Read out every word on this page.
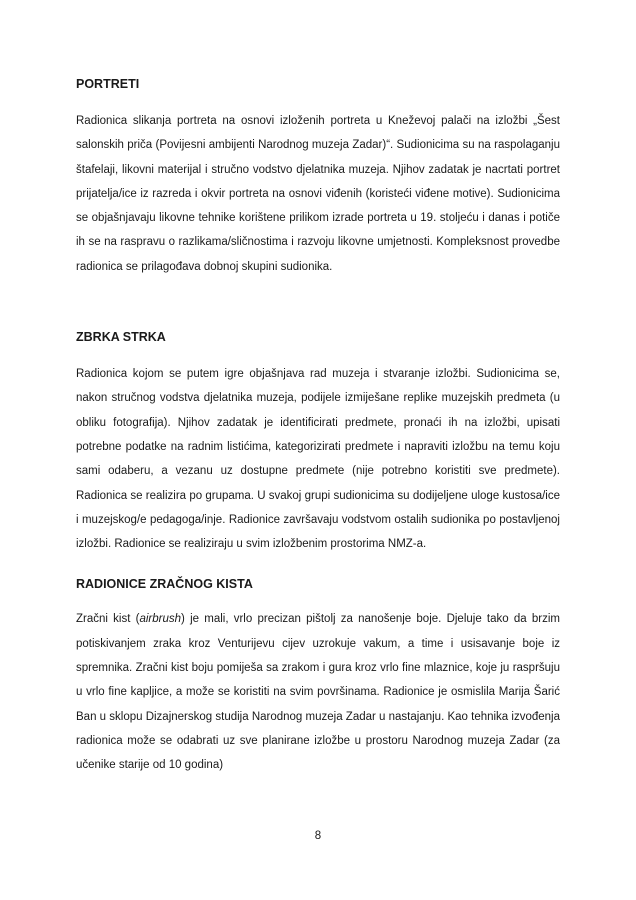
PORTRETI

Radionica slikanja portreta na osnovi izloženih portreta u Kneževoj palači na izložbi „Šest salonskih priča (Povijesni ambijenti Narodnog muzeja Zadar)“. Sudionicima su na raspolaganju štafelaji, likovni materijal i stručno vodstvo djelatnika muzeja. Njihov zadatak je nacrtati portret prijatelja/ice iz razreda i okvir portreta na osnovi viđenih (koristeći viđene motive). Sudionicima se objašnjavaju likovne tehnike korištene prilikom izrade portreta u 19. stoljeću i danas i potiče ih se na raspravu o razlikama/sličnostima i razvoju likovne umjetnosti. Kompleksnost provedbe radionica se prilagođava dobnoj skupini sudionika.

ZBRKA STRKA

Radionica kojom se putem igre objašnjava rad muzeja i stvaranje izložbi. Sudionicima se, nakon stručnog vodstva djelatnika muzeja, podijele izmiješane replike muzejskih predmeta (u obliku fotografija). Njihov zadatak je identificirati predmete, pronaći ih na izložbi, upisati potrebne podatke na radnim listićima, kategorizirati predmete i napraviti izložbu na temu koju sami odaberu, a vezanu uz dostupne predmete (nije potrebno koristiti sve predmete). Radionica se realizira po grupama. U svakoj grupi sudionicima su dodijeljene uloge kustosa/ice i muzejskog/e pedagoga/inje. Radionice završavaju vodstvom ostalih sudionika po postavljenoj izložbi. Radionice se realiziraju u svim izložbenim prostorima NMZ-a.

RADIONICE ZRAČNOG KISTA

Zračni kist (airbrush) je mali, vrlo precizan pištolj za nanošenje boje. Djeluje tako da brzim potiskivanjem zraka kroz Venturijevu cijev uzrokuje vakum, a time i usisavanje boje iz spremnika. Zračni kist boju pomiješa sa zrakom i gura kroz vrlo fine mlaznice, koje ju raspršuju u vrlo fine kapljice, a može se koristiti na svim površinama. Radionice je osmislila Marija Šarić Ban u sklopu Dizajnerskog studija Narodnog muzeja Zadar u nastajanju. Kao tehnika izvođenja radionica može se odabrati uz sve planirane izložbe u prostoru Narodnog muzeja Zadar (za učenike starije od 10 godina)

8
